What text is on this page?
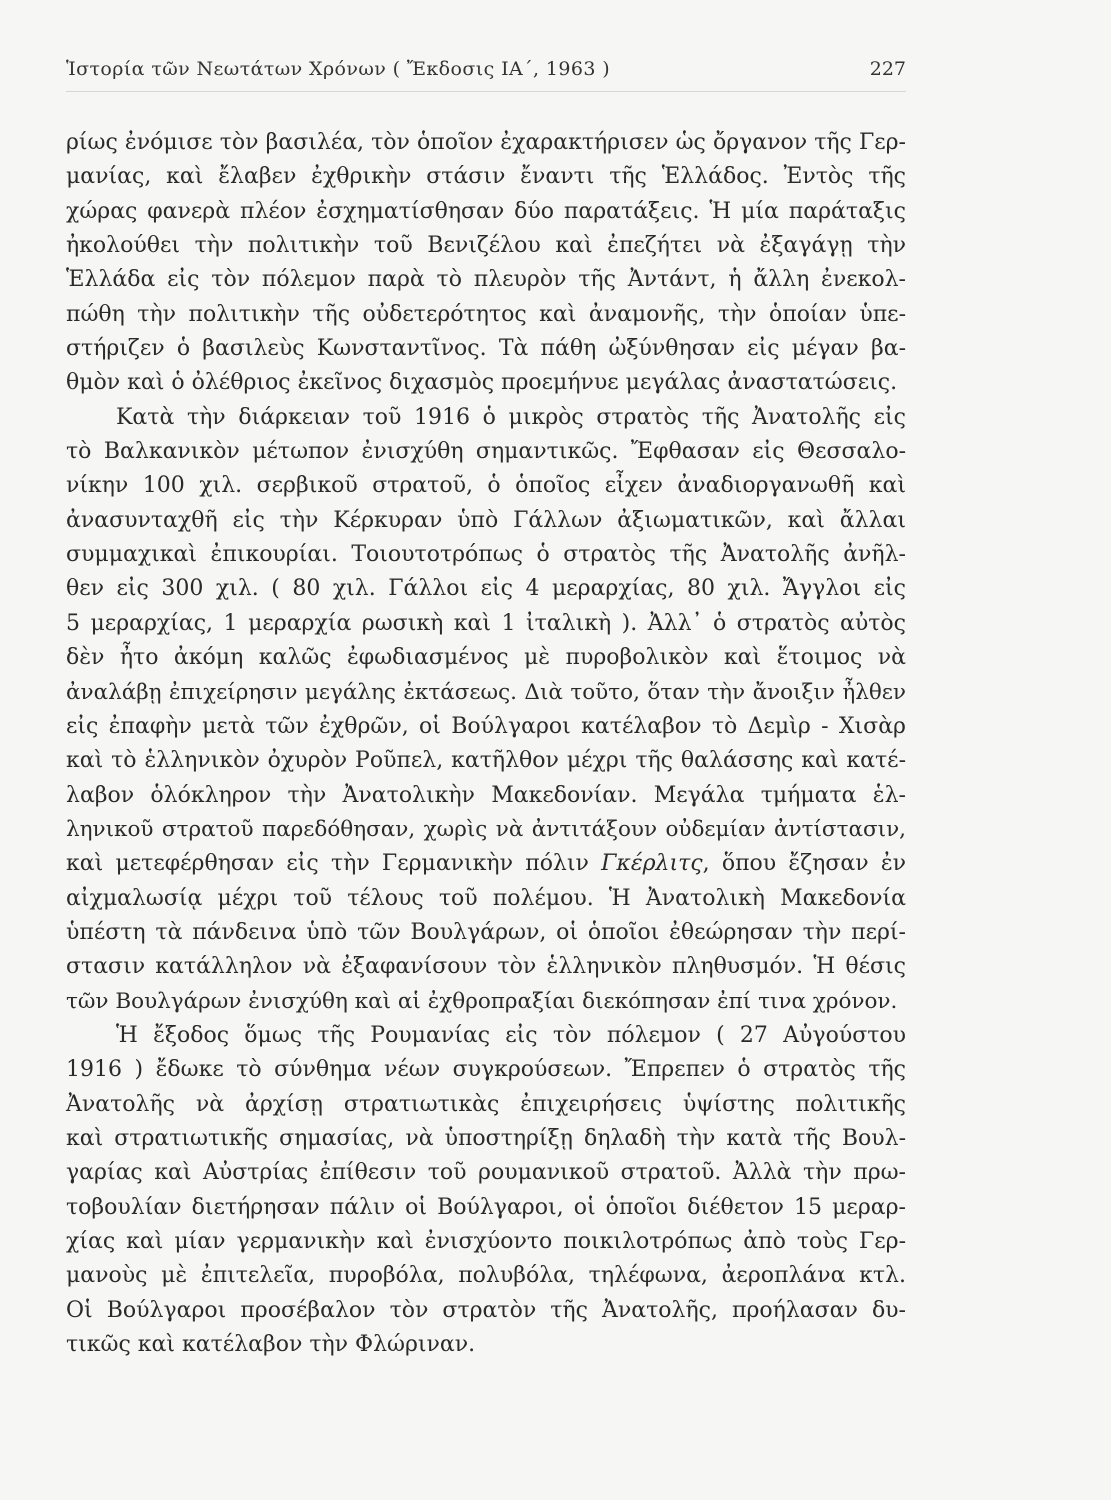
Ἱστορία τῶν Νεωτάτων Χρόνων ( Ἔκδοσις ΙΑ΄, 1963 )	227
ρίως ἐνόμισε τὸν βασιλέα, τὸν ὁποῖον ἐχαρακτήρισεν ὡς ὄργανον τῆς Γερ-
μανίας, καὶ ἔλαβεν ἐχθρικὴν στάσιν ἔναντι τῆς Ἑλλάδος. Ἐντὸς τῆς
χώρας φανερὰ πλέον ἐσχηματίσθησαν δύο παρατάξεις. Ἡ μία παράταξις
ἠκολούθει τὴν πολιτικὴν τοῦ Βενιζέλου καὶ ἐπεζήτει νὰ ἐξαγάγῃ τὴν
Ἑλλάδα εἰς τὸν πόλεμον παρὰ τὸ πλευρὸν τῆς Ἀντάντ, ἡ ἄλλη ἐνεκολ-
πώθη τὴν πολιτικὴν τῆς οὐδετερότητος καὶ ἀναμονῆς, τὴν ὁποίαν ὑπε-
στήριζεν ὁ βασιλεὺς Κωνσταντῖνος. Τὰ πάθη ὠξύνθησαν εἰς μέγαν βα-
θμὸν καὶ ὁ ὀλέθριος ἐκεῖνος διχασμὸς προεμήνυε μεγάλας ἀναστατώσεις.
Κατὰ τὴν διάρκειαν τοῦ 1916 ὁ μικρὸς στρατὸς τῆς Ἀνατολῆς εἰς
τὸ Βαλκανικὸν μέτωπον ἐνισχύθη σημαντικῶς. Ἔφθασαν εἰς Θεσσαλο-
νίκην 100 χιλ. σερβικοῦ στρατοῦ, ὁ ὁποῖος εἶχεν ἀναδιοργανωθῆ καὶ
ἀνασυνταχθῆ εἰς τὴν Κέρκυραν ὑπὸ Γάλλων ἀξιωματικῶν, καὶ ἄλλαι
συμμαχικαὶ ἐπικουρίαι. Τοιουτοτρόπως ὁ στρατὸς τῆς Ἀνατολῆς ἀνῆλ-
θεν εἰς 300 χιλ. ( 80 χιλ. Γάλλοι εἰς 4 μεραρχίας, 80 χιλ. Ἄγγλοι εἰς
5 μεραρχίας, 1 μεραρχία ρωσικὴ καὶ 1 ἰταλικὴ ). Ἀλλ᾽ ὁ στρατὸς αὐτὸς
δὲν ἦτο ἀκόμη καλῶς ἐφωδιασμένος μὲ πυροβολικὸν καὶ ἕτοιμος νὰ
ἀναλάβῃ ἐπιχείρησιν μεγάλης ἐκτάσεως. Διὰ τοῦτο, ὅταν τὴν ἄνοιξιν ἦλθεν
εἰς ἐπαφὴν μετὰ τῶν ἐχθρῶν, οἱ Βούλγαροι κατέλαβον τὸ Δεμὶρ - Χισὰρ
καὶ τὸ ἑλληνικὸν ὀχυρὸν Ροῦπελ, κατῆλθον μέχρι τῆς θαλάσσης καὶ κατέ-
λαβον ὁλόκληρον τὴν Ἀνατολικὴν Μακεδονίαν. Μεγάλα τμήματα ἑλ-
ληνικοῦ στρατοῦ παρεδόθησαν, χωρὶς νὰ ἀντιτάξουν οὐδεμίαν ἀντίστασιν,
καὶ μετεφέρθησαν εἰς τὴν Γερμανικὴν πόλιν Γκέρλιτς, ὅπου ἔζησαν ἐν
αἰχμαλωσίᾳ μέχρι τοῦ τέλους τοῦ πολέμου. Ἡ Ἀνατολικὴ Μακεδονία
ὑπέστη τὰ πάνδεινα ὑπὸ τῶν Βουλγάρων, οἱ ὁποῖοι ἐθεώρησαν τὴν περί-
στασιν κατάλληλον νὰ ἐξαφανίσουν τὸν ἑλληνικὸν πληθυσμόν. Ἡ θέσις
τῶν Βουλγάρων ἐνισχύθη καὶ αἱ ἐχθροπραξίαι διεκόπησαν ἐπί τινα χρόνον.
Ἡ ἔξοδος ὅμως τῆς Ρουμανίας εἰς τὸν πόλεμον ( 27 Αὐγούστου
1916 ) ἔδωκε τὸ σύνθημα νέων συγκρούσεων. Ἔπρεπεν ὁ στρατὸς τῆς
Ἀνατολῆς νὰ ἀρχίσῃ στρατιωτικὰς ἐπιχειρήσεις ὑψίστης πολιτικῆς
καὶ στρατιωτικῆς σημασίας, νὰ ὑποστηρίξῃ δηλαδὴ τὴν κατὰ τῆς Βουλ-
γαρίας καὶ Αὐστρίας ἐπίθεσιν τοῦ ρουμανικοῦ στρατοῦ. Ἀλλὰ τὴν πρω-
τοβουλίαν διετήρησαν πάλιν οἱ Βούλγαροι, οἱ ὁποῖοι διέθετον 15 μεραρ-
χίας καὶ μίαν γερμανικὴν καὶ ἐνισχύοντο ποικιλοτρόπως ἀπὸ τοὺς Γερ-
μανοὺς μὲ ἐπιτελεῖα, πυροβόλα, πολυβόλα, τηλέφωνα, ἀεροπλάνα κτλ.
Οἱ Βούλγαροι προσέβαλον τὸν στρατὸν τῆς Ἀνατολῆς, προήλασαν δυ-
τικῶς καὶ κατέλαβον τὴν Φλώριναν.
